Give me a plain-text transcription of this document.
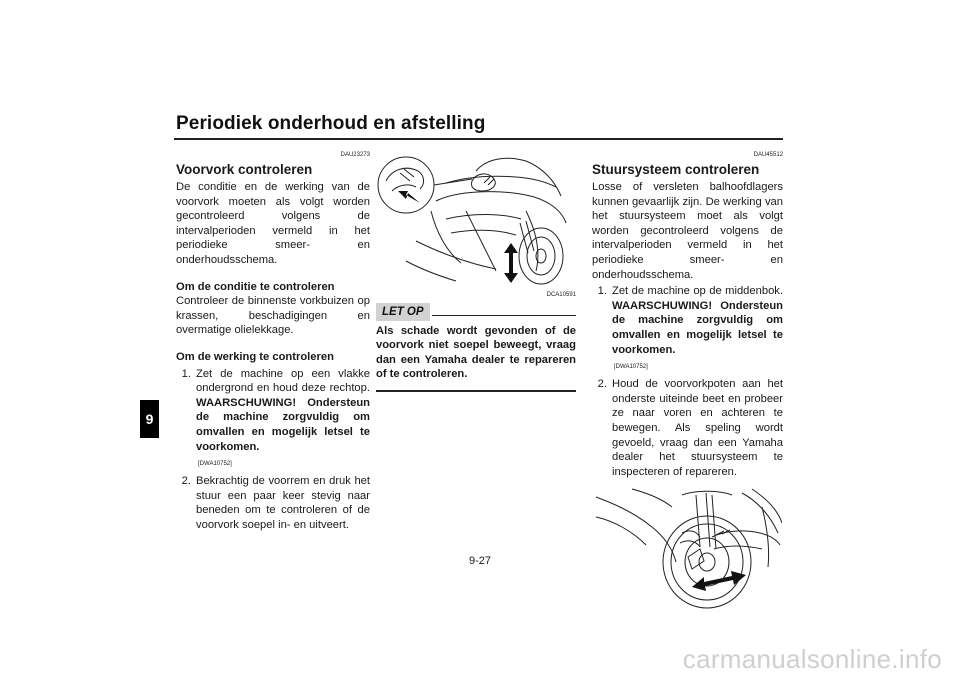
Periodiek onderhoud en afstelling
9
DAU23273
Voorvork controleren

De conditie en de werking van de voorvork moeten als volgt worden gecontroleerd volgens de intervalperioden vermeld in het periodieke smeer- en onderhoudsschema.

Om de conditie te controleren

Controleer de binnenste vorkbuizen op krassen, beschadigingen en overmatige olielekkage.

Om de werking te controleren
1. Zet de machine op een vlakke ondergrond en houd deze rechtop. WAARSCHUWING! Ondersteun de machine zorgvuldig om omvallen en mogelijk letsel te voorkomen.
[DWA10752]
2. Bekrachtig de voorrem en druk het stuur een paar keer stevig naar beneden om te controleren of de voorvork soepel in- en uitveert.
DCA10591
LET OP

Als schade wordt gevonden of de voorvork niet soepel beweegt, vraag dan een Yamaha dealer te repareren of te controleren.

DAU45512
Stuursysteem controleren

Losse of versleten balhoofdlagers kunnen gevaarlijk zijn. De werking van het stuursysteem moet als volgt worden gecontroleerd volgens de intervalperioden vermeld in het periodieke smeer- en onderhoudsschema.

1. Zet de machine op de middenbok. WAARSCHUWING! Ondersteun de machine zorgvuldig om omvallen en mogelijk letsel te voorkomen.
[DWA10752]
2. Houd de voorvorkpoten aan het onderste uiteinde beet en probeer ze naar voren en achteren te bewegen. Als speling wordt gevoeld, vraag dan een Yamaha dealer het stuursysteem te inspecteren of repareren.
9-27
carmanualsonline.info
